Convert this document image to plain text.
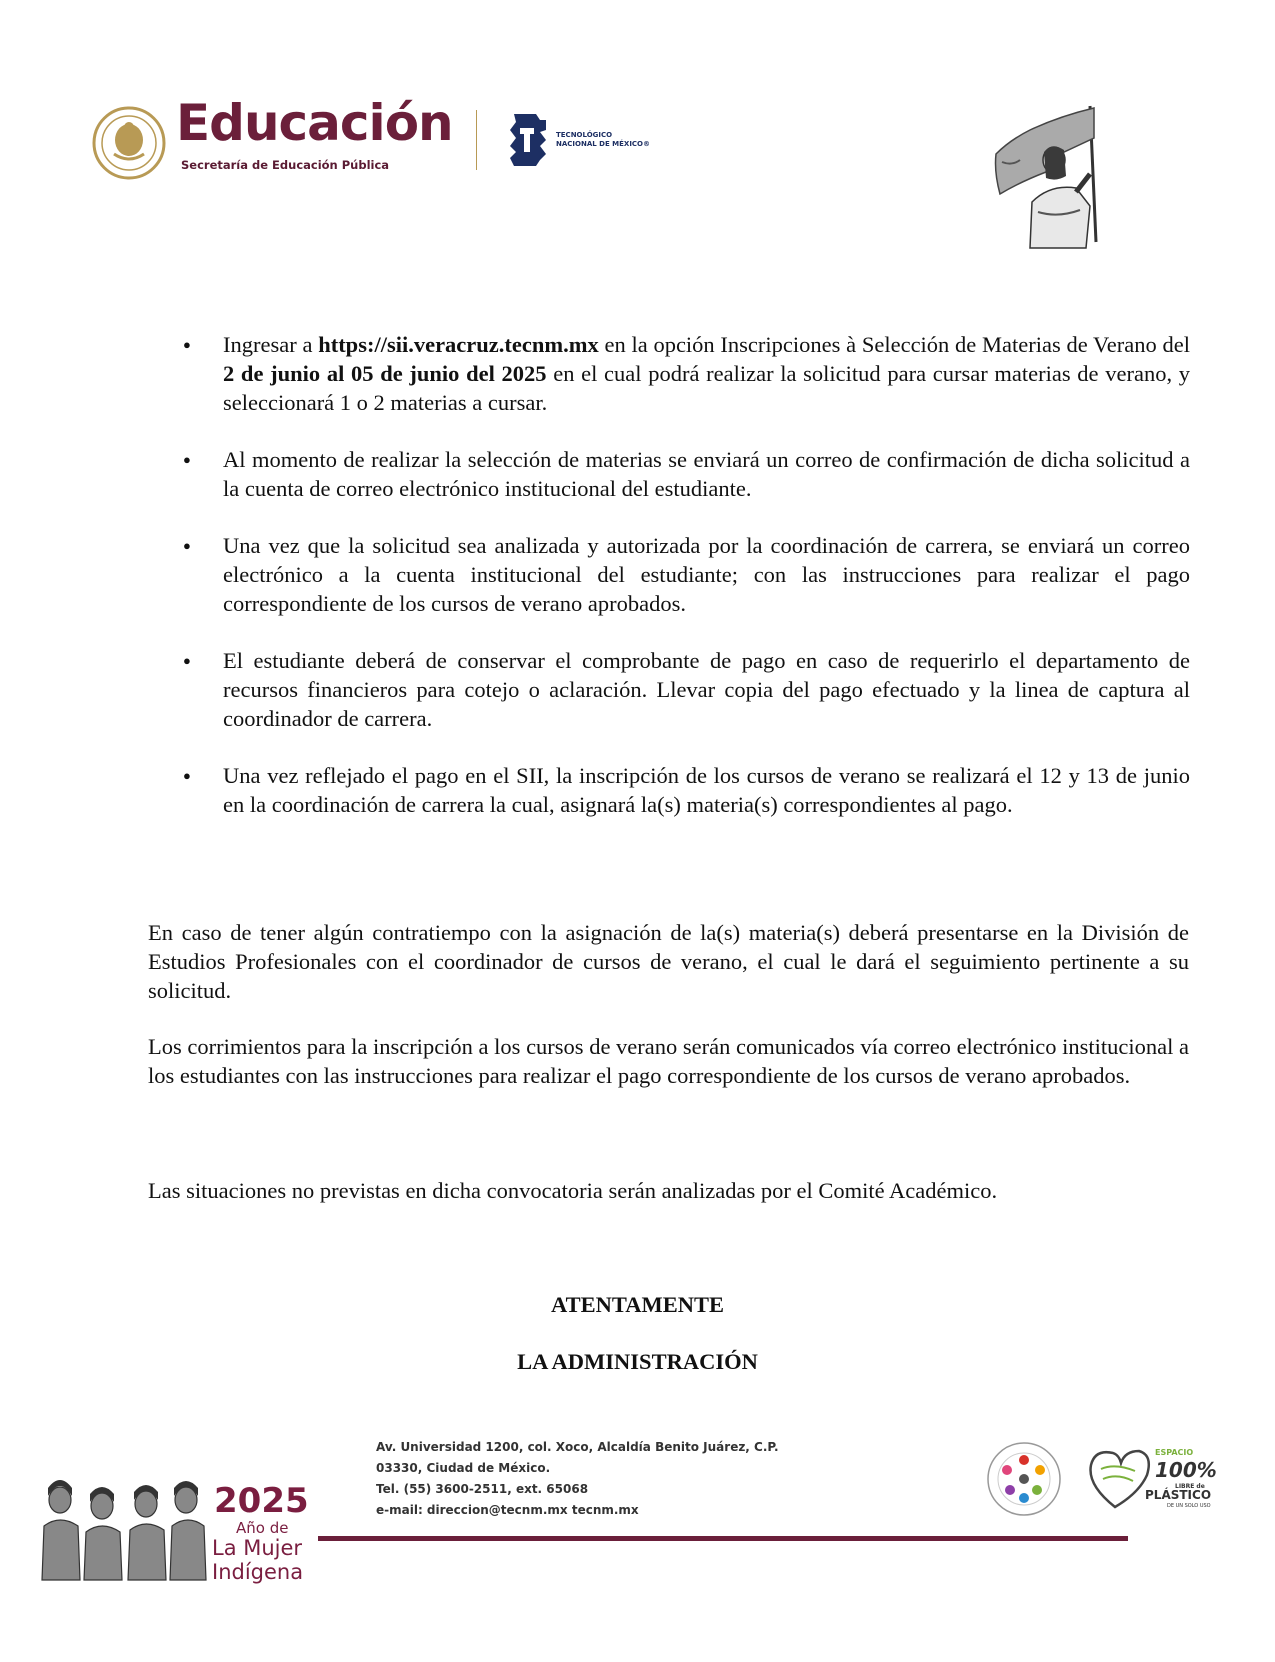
Educación
Secretaría de Educación Pública
TECNOLÓGICO
NACIONAL DE MÉXICO®
● Ingresar a https://sii.veracruz.tecnm.mx en la opción Inscripciones à Selección de Materias de Verano del 2 de junio al 05 de junio del 2025 en el cual podrá realizar la solicitud para cursar materias de verano, y seleccionará 1 o 2 materias a cursar.
● Al momento de realizar la selección de materias se enviará un correo de confirmación de dicha solicitud a la cuenta de correo electrónico institucional del estudiante.
● Una vez que la solicitud sea analizada y autorizada por la coordinación de carrera, se enviará un correo electrónico a la cuenta institucional del estudiante; con las instrucciones para realizar el pago correspondiente de los cursos de verano aprobados.
● El estudiante deberá de conservar el comprobante de pago en caso de requerirlo el departamento de recursos financieros para cotejo o aclaración. Llevar copia del pago efectuado y la linea de captura al coordinador de carrera.
● Una vez reflejado el pago en el SII, la inscripción de los cursos de verano se realizará el 12 y 13 de junio en la coordinación de carrera la cual, asignará la(s) materia(s) correspondientes al pago.
En caso de tener algún contratiempo con la asignación de la(s) materia(s) deberá presentarse en la División de Estudios Profesionales con el coordinador de cursos de verano, el cual le dará el seguimiento pertinente a su solicitud.
Los corrimientos para la inscripción a los cursos de verano serán comunicados vía correo electrónico institucional a los estudiantes con las instrucciones para realizar el pago correspondiente de los cursos de verano aprobados.
Las situaciones no previstas en dicha convocatoria serán analizadas por el Comité Académico.
ATENTAMENTE
LA ADMINISTRACIÓN
2025
Año de
La Mujer
Indígena
Av. Universidad 1200, col. Xoco, Alcaldía Benito Juárez, C.P.
03330, Ciudad de México.
Tel. (55) 3600-2511, ext. 65068
e-mail: direccion@tecnm.mx tecnm.mx
ESPACIO
100%
LIBRE de
PLÁSTICO
DE UN SOLO USO
